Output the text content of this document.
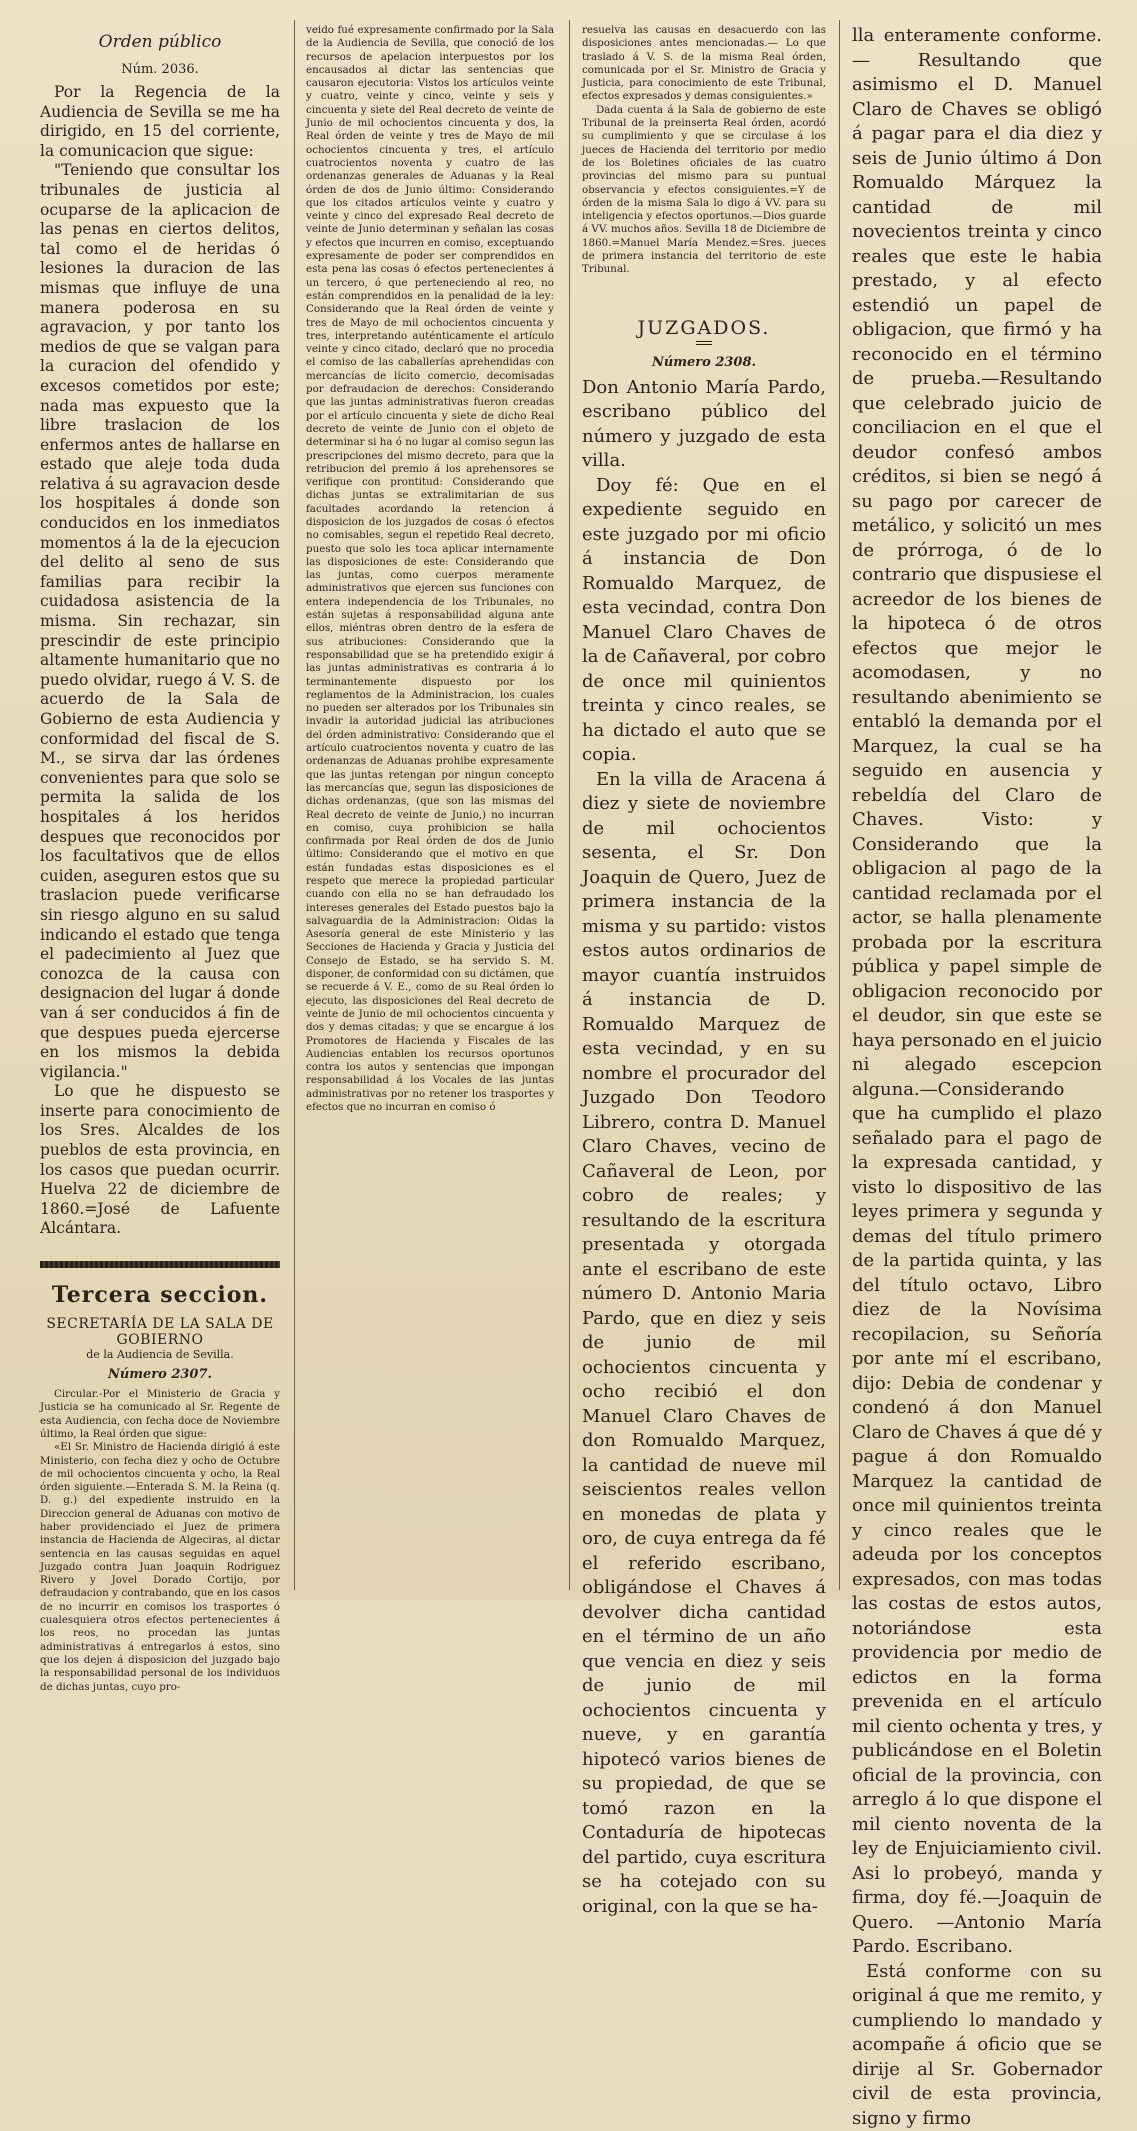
Orden público
Núm. 2036.

Por la Regencia de la Audiencia de Sevilla se me ha dirigido, en 15 del corriente, la comunicacion que sigue:

"Teniendo que consultar los tribunales de justicia al ocuparse de la aplicacion de las penas en ciertos delitos, tal como el de heridas ó lesiones la duracion de las mismas que influye de una manera poderosa en su agravacion, y por tanto los medios de que se valgan para la curacion del ofendido y excesos cometidos por este; nada mas expuesto que la libre traslacion de los enfermos antes de hallarse en estado que aleje toda duda relativa á su agravacion desde los hospitales á donde son conducidos en los inmediatos momentos á la de la ejecucion del delito al seno de sus familias para recibir la cuidadosa asistencia de la misma. Sin rechazar, sin prescindir de este principio altamente humanitario que no puedo olvidar, ruego á V. S. de acuerdo de la Sala de Gobierno de esta Audiencia y conformidad del fiscal de S. M., se sirva dar las órdenes convenientes para que solo se permita la salida de los hospitales á los heridos despues que reconocidos por los facultativos que de ellos cuiden, aseguren estos que su traslacion puede verificarse sin riesgo alguno en su salud indicando el estado que tenga el padecimiento al Juez que conozca de la causa con designacion del lugar á donde van á ser conducidos á fin de que despues pueda ejercerse en los mismos la debida vigilancia."

Lo que he dispuesto se inserte para conocimiento de los Sres. Alcaldes de los pueblos de esta provincia, en los casos que puedan ocurrir. Huelva 22 de diciembre de 1860.=José de Lafuente Alcántara.

Tercera seccion.
SECRETARÍA DE LA SALA DE GOBIERNO
de la Audiencia de Sevilla.
Número 2307.

Circular.-Por el Ministerio de Gracia y Justicia se ha comunicado al Sr. Regente de esta Audiencia, con fecha doce de Noviembre último, la Real órden que sigue:

«El Sr. Ministro de Hacienda dirigió á este Ministerio, con fecha diez y ocho de Octubre de mil ochocientos cincuenta y ocho, la Real órden siguiente.—Enterada S. M. la Reina (q. D. g.) del expediente instruido en la Direccion general de Aduanas con motivo de haber providenciado el Juez de primera instancia de Hacienda de Algeciras, al dictar sentencia en las causas seguidas en aquel Juzgado contra Juan Joaquin Rodriguez Rivero y Jovel Dorado Cortijo, por defraudacion y contrabando, que en los casos de no incurrir en comisos los trasportes ó cualesquiera otros efectos pertenecientes á los reos, no procedan las juntas administrativas á entregarlos á estos, sino que los dejen á disposicion del juzgado bajo la responsabilidad personal de los individuos de dichas juntas, cuyo pro-

veido fué expresamente confirmado por la Sala de la Audiencia de Sevilla, que conoció de los recursos de apelacion interpuestos por los encausados al dictar las sentencias que causaron ejecutoria: Vistos los artículos veinte y cuatro, veinte y cinco, veinte y seis y cincuenta y siete del Real decreto de veinte de Junio de mil ochocientos cincuenta y dos, la Real órden de veinte y tres de Mayo de mil ochocientos cincuenta y tres, el artículo cuatrocientos noventa y cuatro de las ordenanzas generales de Aduanas y la Real órden de dos de Junio último: Considerando que los citados artículos veinte y cuatro y veinte y cinco del expresado Real decreto de veinte de Junio determinan y señalan las cosas y efectos que incurren en comiso, exceptuando expresamente de poder ser comprendidos en esta pena las cosas ó efectos pertenecientes á un tercero, ó que perteneciendo al reo, no están comprendidos en la penalidad de la ley: Considerando que la Real órden de veinte y tres de Mayo de mil ochocientos cincuenta y tres, interpretando auténticamente el artículo veinte y cinco citado, declaró que no procedia el comiso de las caballerías aprehendidas con mercancías de lícito comercio, decomisadas por defraudacion de derechos: Considerando que las juntas administrativas fueron creadas por el artículo cincuenta y siete de dicho Real decreto de veinte de Junio con el objeto de determinar si ha ó no lugar al comiso segun las prescripciones del mismo decreto, para que la retribucion del premio á los aprehensores se verifique con prontitud: Considerando que dichas juntas se extralimitarian de sus facultades acordando la retencion á disposicion de los juzgados de cosas ó efectos no comisables, segun el repetido Real decreto, puesto que solo les toca aplicar internamente las disposiciones de este: Considerando que las juntas, como cuerpos meramente administrativos que ejercen sus funciones con entera independencia de los Tribunales, no están sujetas á responsabilidad alguna ante ellos, miéntras obren dentro de la esfera de sus atribuciones: Considerando que la responsabilidad que se ha pretendido exigir á las juntas administrativas es contraria á lo terminantemente dispuesto por los reglamentos de la Administracion, los cuales no pueden ser alterados por los Tribunales sin invadir la autoridad judicial las atribuciones del órden administrativo: Considerando que el artículo cuatrocientos noventa y cuatro de las ordenanzas de Aduanas prohibe expresamente que las juntas retengan por ningun concepto las mercancías que, segun las disposiciones de dichas ordenanzas, (que son las mismas del Real decreto de veinte de Junio,) no incurran en comiso, cuya prohibicion se halla confirmada por Real órden de dos de Junio último: Considerando que el motivo en que están fundadas estas disposiciones es el respeto que merece la propiedad particular cuando con ella no se han defraudado los intereses generales del Estado puestos bajo la salvaguardia de la Administracion: Oidas la Asesoría general de este Ministerio y las Secciones de Hacienda y Gracia y Justicia del Consejo de Estado, se ha servido S. M. disponer, de conformidad con su dictámen, que se recuerde á V. E., como de su Real órden lo ejecuto, las disposiciones del Real decreto de veinte de Junio de mil ochocientos cincuenta y dos y demas citadas; y que se encargue á los Promotores de Hacienda y Fiscales de las Audiencias entablen los recursos oportunos contra los autos y sentencias que impongan responsabilidad á los Vocales de las juntas administrativas por no retener los trasportes y efectos que no incurran en comiso ó

resuelva las causas en desacuerdo con las disposiciones antes mencionadas.— Lo que traslado á V. S. de la misma Real órden, comunicada por el Sr. Ministro de Gracia y Justicia, para conocimiento de este Tribunal, efectos expresados y demas consiguientes.»

Dada cuenta á la Sala de gobierno de este Tribunal de la preinserta Real órden, acordó su cumplimiento y que se circulase á los jueces de Hacienda del territorio por medio de los Boletines oficiales de las cuatro provincias del mismo para su puntual observancia y efectos consiguientes.=Y de órden de la misma Sala lo digo á VV. para su inteligencia y efectos oportunos.—Dios guarde á VV. muchos años. Sevilla 18 de Diciembre de 1860.=Manuel María Mendez.=Sres. jueces de primera instancia del territorio de este Tribunal.

JUZGADOS.
Número 2308.

Don Antonio María Pardo, escribano público del número y juzgado de esta villa.

Doy fé: Que en el expediente seguido en este juzgado por mi oficio á instancia de Don Romualdo Marquez, de esta vecindad, contra Don Manuel Claro Chaves de la de Cañaveral, por cobro de once mil quinientos treinta y cinco reales, se ha dictado el auto que se copia.

En la villa de Aracena á diez y siete de noviembre de mil ochocientos sesenta, el Sr. Don Joaquin de Quero, Juez de primera instancia de la misma y su partido: vistos estos autos ordinarios de mayor cuantía instruidos á instancia de D. Romualdo Marquez de esta vecindad, y en su nombre el procurador del Juzgado Don Teodoro Librero, contra D. Manuel Claro Chaves, vecino de Cañaveral de Leon, por cobro de reales; y resultando de la escritura presentada y otorgada ante el escribano de este número D. Antonio Maria Pardo, que en diez y seis de junio de mil ochocientos cincuenta y ocho recibió el don Manuel Claro Chaves de don Romualdo Marquez, la cantidad de nueve mil seiscientos reales vellon en monedas de plata y oro, de cuya entrega da fé el referido escribano, obligándose el Chaves á devolver dicha cantidad en el término de un año que vencia en diez y seis de junio de mil ochocientos cincuenta y nueve, y en garantía hipotecó varios bienes de su propiedad, de que se tomó razon en la Contaduría de hipotecas del partido, cuya escritura se ha cotejado con su original, con la que se ha-

lla enteramente conforme.— Resultando que asimismo el D. Manuel Claro de Chaves se obligó á pagar para el dia diez y seis de Junio último á Don Romualdo Márquez la cantidad de mil novecientos treinta y cinco reales que este le habia prestado, y al efecto estendió un papel de obligacion, que firmó y ha reconocido en el término de prueba.—Resultando que celebrado juicio de conciliacion en el que el deudor confesó ambos créditos, si bien se negó á su pago por carecer de metálico, y solicitó un mes de prórroga, ó de lo contrario que dispusiese el acreedor de los bienes de la hipoteca ó de otros efectos que mejor le acomodasen, y no resultando abenimiento se entabló la demanda por el Marquez, la cual se ha seguido en ausencia y rebeldía del Claro de Chaves. Visto: y Considerando que la obligacion al pago de la cantidad reclamada por el actor, se halla plenamente probada por la escritura pública y papel simple de obligacion reconocido por el deudor, sin que este se haya personado en el juicio ni alegado escepcion alguna.—Considerando que ha cumplido el plazo señalado para el pago de la expresada cantidad, y visto lo dispositivo de las leyes primera y segunda y demas del título primero de la partida quinta, y las del título octavo, Libro diez de la Novísima recopilacion, su Señoría por ante mí el escribano, dijo: Debia de condenar y condenó á don Manuel Claro de Chaves á que dé y pague á don Romualdo Marquez la cantidad de once mil quinientos treinta y cinco reales que le adeuda por los conceptos expresados, con mas todas las costas de estos autos, notoriándose esta providencia por medio de edictos en la forma prevenida en el artículo mil ciento ochenta y tres, y publicándose en el Boletin oficial de la provincia, con arreglo á lo que dispone el mil ciento noventa de la ley de Enjuiciamiento civil. Asi lo probeyó, manda y firma, doy fé.—Joaquin de Quero. —Antonio María Pardo. Escribano.

Está conforme con su original á que me remito, y cumpliendo lo mandado y acompañe á oficio que se dirije al Sr. Gobernador civil de esta provincia, signo y firmo
